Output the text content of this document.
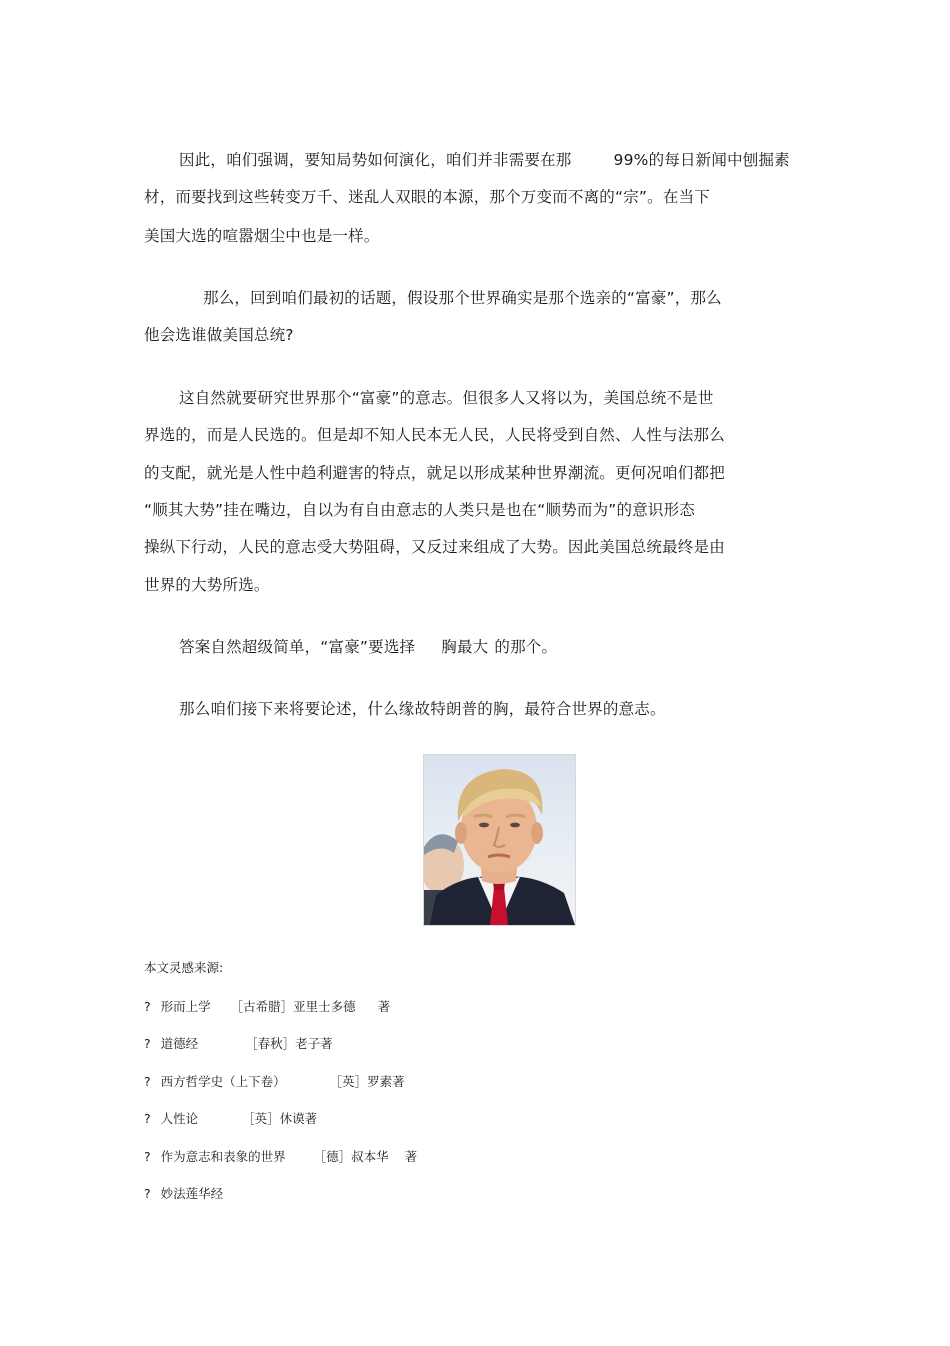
因此，咱们强调，要知局势如何演化，咱们并非需要在那	99%的每日新闻中刨掘素
材，而要找到这些转变万千、迷乱人双眼的本源，那个万变而不离的“宗”。在当下
美国大选的喧嚣烟尘中也是一样。
那么，回到咱们最初的话题，假设那个世界确实是那个选亲的“富豪”，那么
他会选谁做美国总统?
这自然就要研究世界那个“富豪”的意志。但很多人又将以为，美国总统不是世
界选的，而是人民选的。但是却不知人民本无人民，人民将受到自然、人性与法那么
的支配，就光是人性中趋利避害的特点，就足以形成某种世界潮流。更何况咱们都把
“顺其大势”挂在嘴边，自以为有自由意志的人类只是也在“顺势而为”的意识形态
操纵下行动，人民的意志受大势阻碍，又反过来组成了大势。因此美国总统最终是由
世界的大势所选。
答案自然超级简单，“富豪”要选择 胸最大 的那个。
那么咱们接下来将要论述，什么缘故特朗普的胸，最符合世界的意志。
本文灵感来源:
? 形而上学 ［古希腊］亚里士多德 著
? 道德经	［春秋］老子著
? 西方哲学史（上下卷）	［英］罗素著
? 人性论	［英］休谟著
? 作为意志和表象的世界 ［德］叔本华 著
? 妙法莲华经
